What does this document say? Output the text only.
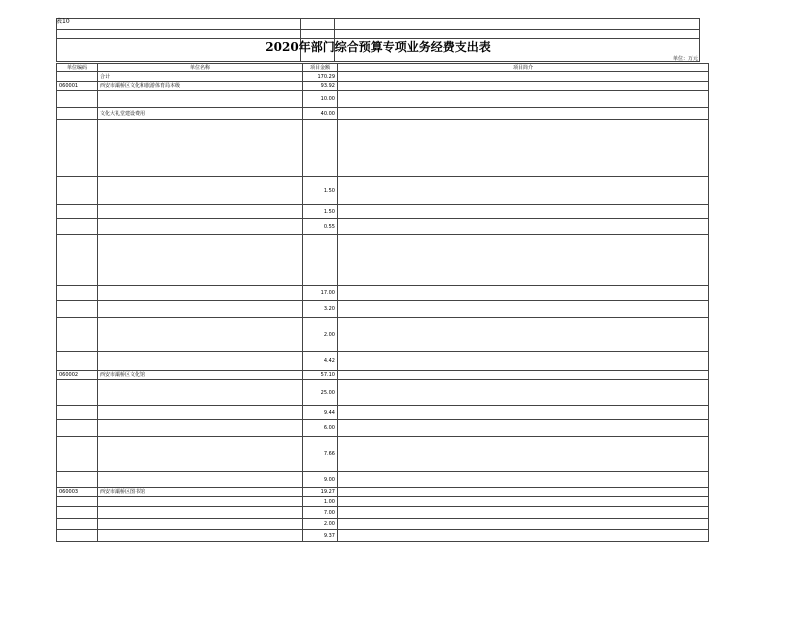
表10
2020年部门综合预算专项业务经费支出表
单位：万元
单位编码	单位名称	项目金额	项目简介
	合计	170.29	
060001	西安市灞桥区文化和旅游体育局本级	93.92	
		10.00	
	文化大礼堂建设费用	40.00	

		1.50	
		1.50	
		0.55	

		17.00	
		3.20	
		2.00	
		4.42	
060002	西安市灞桥区文化馆	57.10	
		25.00	
		9.44	
		6.00	
		7.66	
		9.00	
060003	西安市灞桥区图书馆	19.27	
		1.00	
		7.00	
		2.00	
		9.37	
